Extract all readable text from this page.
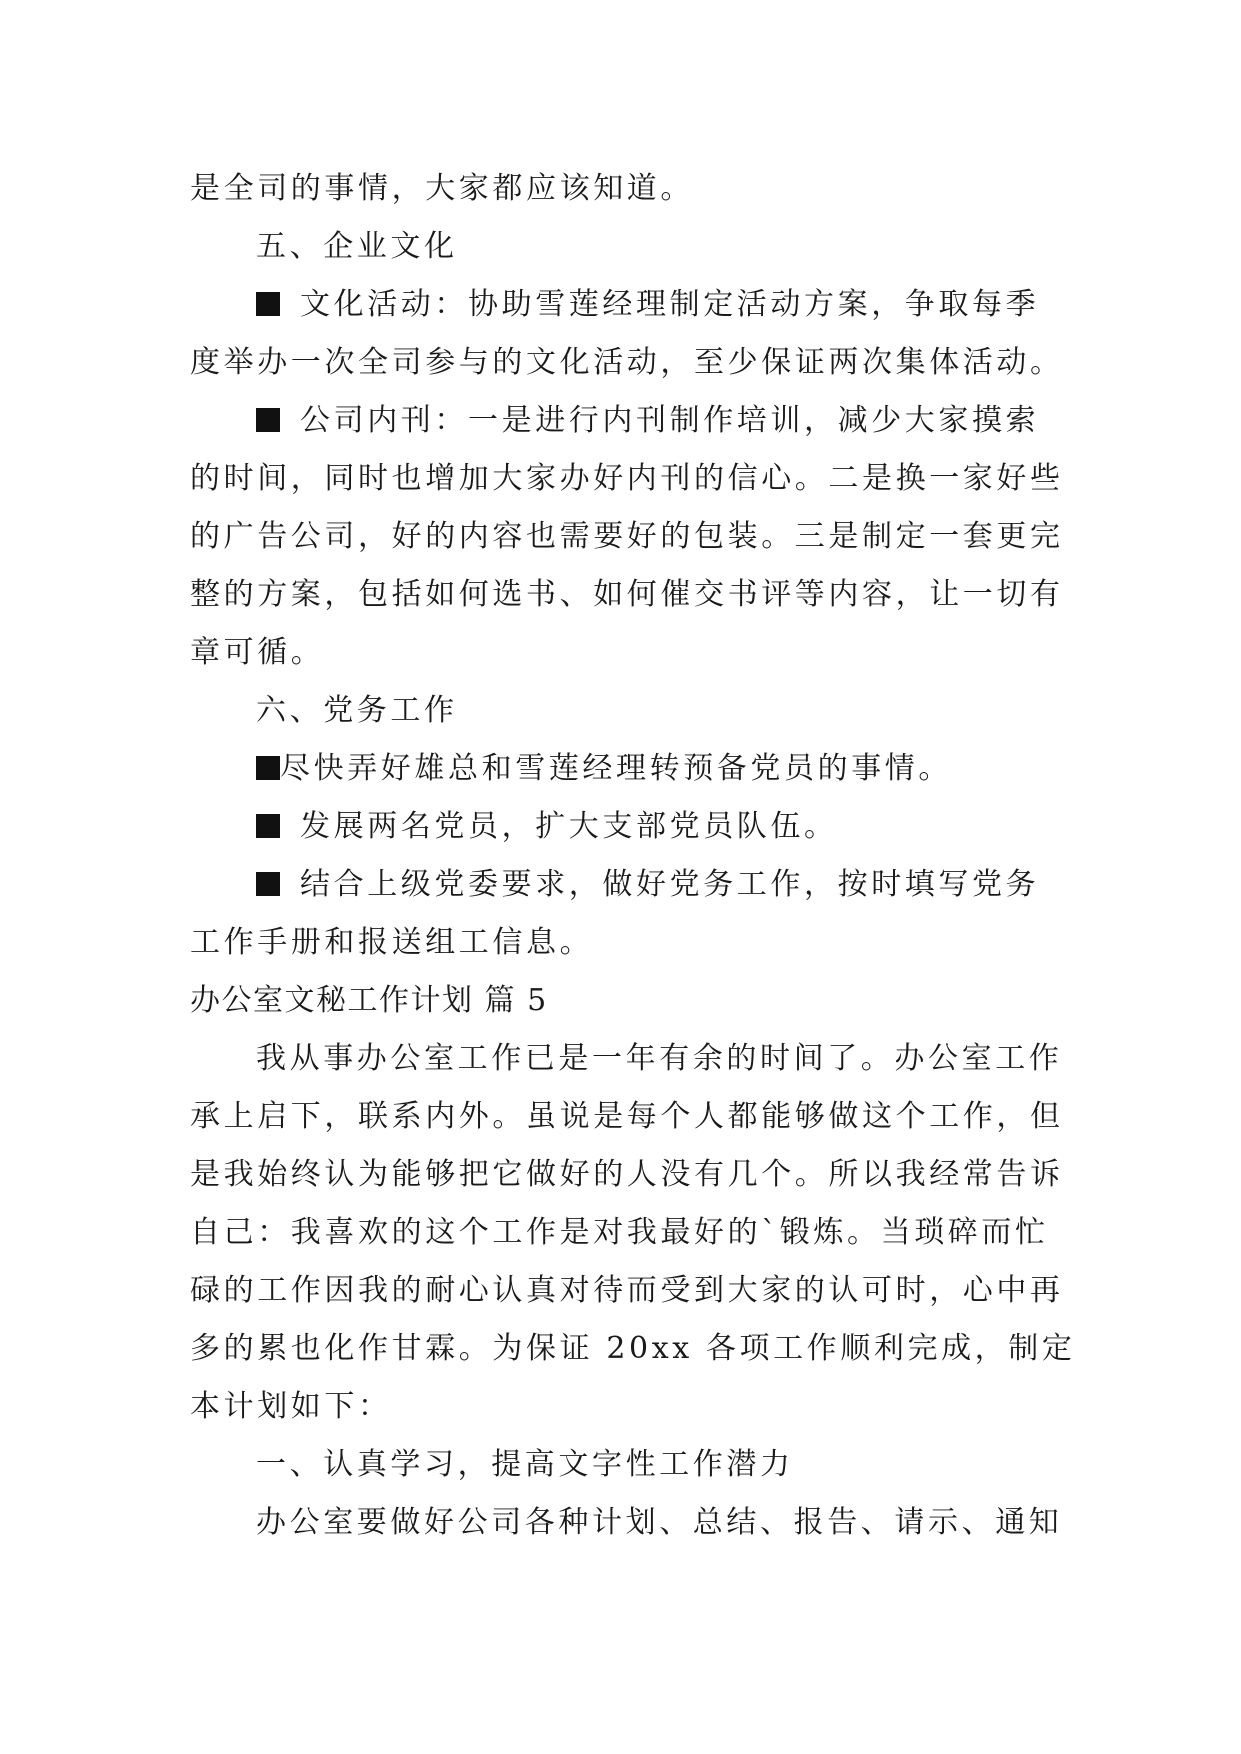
是全司的事情，大家都应该知道。
五、企业文化
文化活动：协助雪莲经理制定活动方案，争取每季
度举办一次全司参与的文化活动，至少保证两次集体活动。
公司内刊：一是进行内刊制作培训，减少大家摸索
的时间，同时也增加大家办好内刊的信心。二是换一家好些
的广告公司，好的内容也需要好的包装。三是制定一套更完
整的方案，包括如何选书、如何催交书评等内容，让一切有
章可循。
六、党务工作
尽快弄好雄总和雪莲经理转预备党员的事情。
发展两名党员，扩大支部党员队伍。
结合上级党委要求，做好党务工作，按时填写党务
工作手册和报送组工信息。
办公室文秘工作计划 篇 5
我从事办公室工作已是一年有余的时间了。办公室工作
承上启下，联系内外。虽说是每个人都能够做这个工作，但
是我始终认为能够把它做好的人没有几个。所以我经常告诉
自己：我喜欢的这个工作是对我最好的`锻炼。当琐碎而忙
碌的工作因我的耐心认真对待而受到大家的认可时，心中再
多的累也化作甘霖。为保证 20xx 各项工作顺利完成，制定
本计划如下：
一、认真学习，提高文字性工作潜力
办公室要做好公司各种计划、总结、报告、请示、通知
